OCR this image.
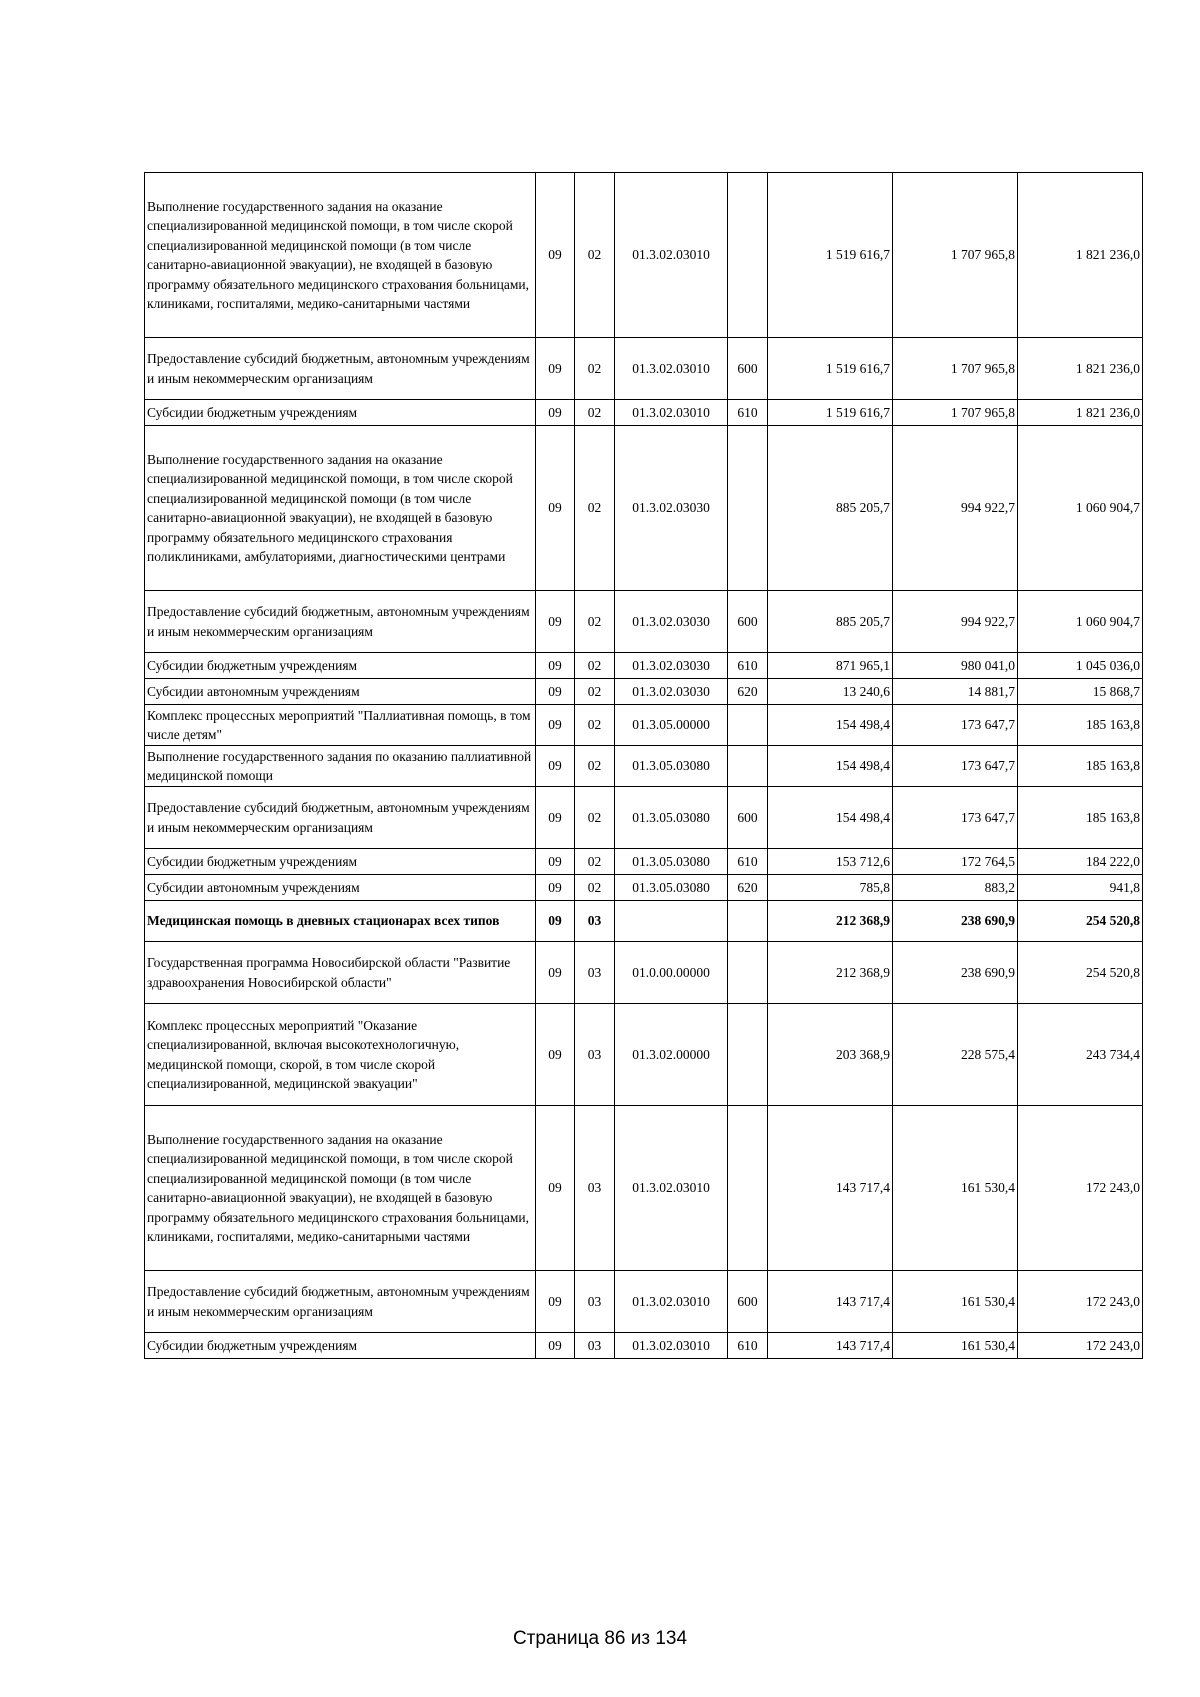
Выполнение государственного задания на оказание специализированной медицинской помощи, в том числе скорой специализированной медицинской помощи (в том числе санитарно-авиационной эвакуации), не входящей в базовую программу обязательного медицинского страхования больницами, клиниками, госпиталями, медико-санитарными частями	09	02	01.3.02.03010		1 519 616,7	1 707 965,8	1 821 236,0
Предоставление субсидий бюджетным, автономным учреждениям и иным некоммерческим организациям	09	02	01.3.02.03010	600	1 519 616,7	1 707 965,8	1 821 236,0
Субсидии бюджетным учреждениям	09	02	01.3.02.03010	610	1 519 616,7	1 707 965,8	1 821 236,0
Выполнение государственного задания на оказание специализированной медицинской помощи, в том числе скорой специализированной медицинской помощи (в том числе санитарно-авиационной эвакуации), не входящей в базовую программу обязательного медицинского страхования поликлиниками, амбулаториями, диагностическими центрами	09	02	01.3.02.03030		885 205,7	994 922,7	1 060 904,7
Предоставление субсидий бюджетным, автономным учреждениям и иным некоммерческим организациям	09	02	01.3.02.03030	600	885 205,7	994 922,7	1 060 904,7
Субсидии бюджетным учреждениям	09	02	01.3.02.03030	610	871 965,1	980 041,0	1 045 036,0
Субсидии автономным учреждениям	09	02	01.3.02.03030	620	13 240,6	14 881,7	15 868,7
Комплекс процессных мероприятий "Паллиативная помощь, в том числе детям"	09	02	01.3.05.00000		154 498,4	173 647,7	185 163,8
Выполнение государственного задания по оказанию паллиативной медицинской помощи	09	02	01.3.05.03080		154 498,4	173 647,7	185 163,8
Предоставление субсидий бюджетным, автономным учреждениям и иным некоммерческим организациям	09	02	01.3.05.03080	600	154 498,4	173 647,7	185 163,8
Субсидии бюджетным учреждениям	09	02	01.3.05.03080	610	153 712,6	172 764,5	184 222,0
Субсидии автономным учреждениям	09	02	01.3.05.03080	620	785,8	883,2	941,8
Медицинская помощь в дневных стационарах всех типов	09	03			212 368,9	238 690,9	254 520,8
Государственная программа Новосибирской области "Развитие здравоохранения Новосибирской области"	09	03	01.0.00.00000		212 368,9	238 690,9	254 520,8
Комплекс процессных мероприятий "Оказание специализированной, включая высокотехнологичную, медицинской помощи, скорой, в том числе скорой специализированной, медицинской эвакуации"	09	03	01.3.02.00000		203 368,9	228 575,4	243 734,4
Выполнение государственного задания на оказание специализированной медицинской помощи, в том числе скорой специализированной медицинской помощи (в том числе санитарно-авиационной эвакуации), не входящей в базовую программу обязательного медицинского страхования больницами, клиниками, госпиталями, медико-санитарными частями	09	03	01.3.02.03010		143 717,4	161 530,4	172 243,0
Предоставление субсидий бюджетным, автономным учреждениям и иным некоммерческим организациям	09	03	01.3.02.03010	600	143 717,4	161 530,4	172 243,0
Субсидии бюджетным учреждениям	09	03	01.3.02.03010	610	143 717,4	161 530,4	172 243,0
Страница 86 из 134
